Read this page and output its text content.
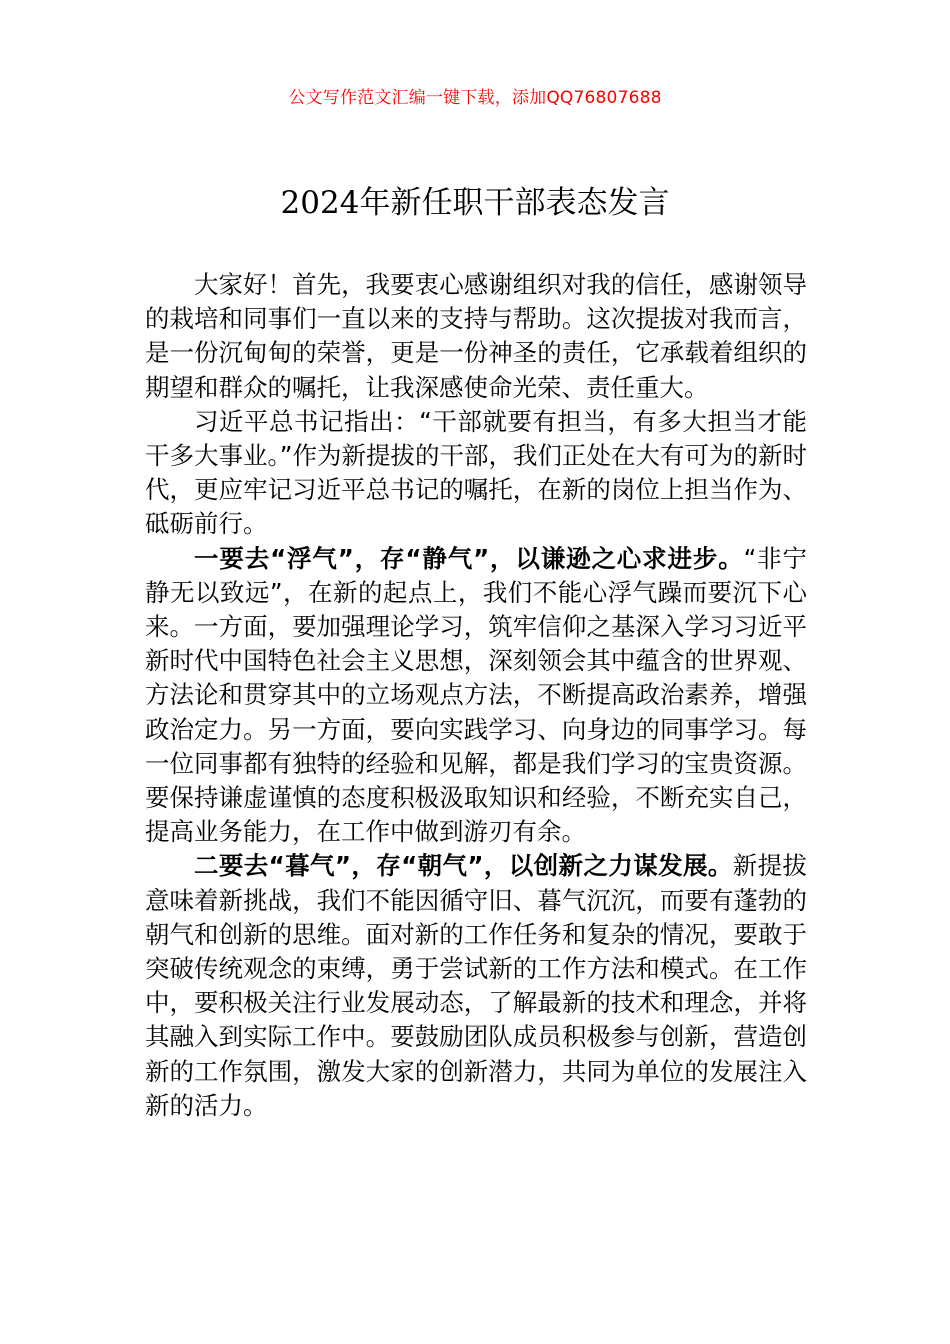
公文写作范文汇编一键下载，添加QQ76807688
2024年新任职干部表态发言

大家好！首先，我要衷心感谢组织对我的信任，感谢领导的栽培和同事们一直以来的支持与帮助。这次提拔对我而言，是一份沉甸甸的荣誉，更是一份神圣的责任，它承载着组织的期望和群众的嘱托，让我深感使命光荣、责任重大。

习近平总书记指出：“干部就要有担当，有多大担当才能干多大事业。”作为新提拔的干部，我们正处在大有可为的新时代，更应牢记习近平总书记的嘱托，在新的岗位上担当作为、砥砺前行。

一要去“浮气”，存“静气”，以谦逊之心求进步。“非宁静无以致远”，在新的起点上，我们不能心浮气躁而要沉下心来。一方面，要加强理论学习，筑牢信仰之基深入学习习近平新时代中国特色社会主义思想，深刻领会其中蕴含的世界观、方法论和贯穿其中的立场观点方法，不断提高政治素养，增强政治定力。另一方面，要向实践学习、向身边的同事学习。每一位同事都有独特的经验和见解，都是我们学习的宝贵资源。要保持谦虚谨慎的态度积极汲取知识和经验，不断充实自己，提高业务能力，在工作中做到游刃有余。

二要去“暮气”，存“朝气”，以创新之力谋发展。新提拔意味着新挑战，我们不能因循守旧、暮气沉沉，而要有蓬勃的朝气和创新的思维。面对新的工作任务和复杂的情况，要敢于突破传统观念的束缚，勇于尝试新的工作方法和模式。在工作中，要积极关注行业发展动态，了解最新的技术和理念，并将其融入到实际工作中。要鼓励团队成员积极参与创新，营造创新的工作氛围，激发大家的创新潜力，共同为单位的发展注入新的活力。
